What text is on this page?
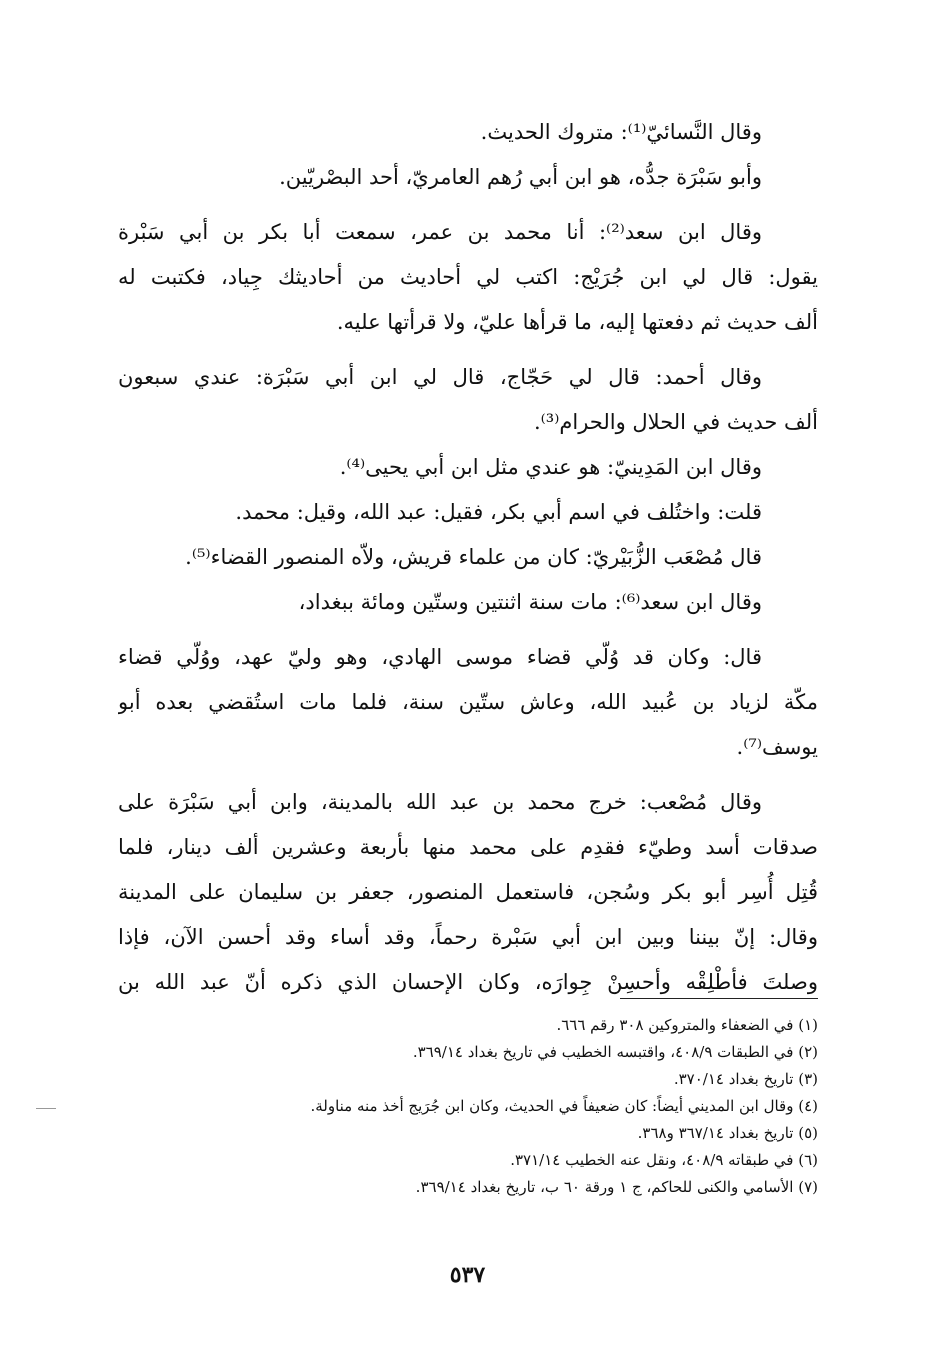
وقال النَّسائيّ⁽¹⁾: متروك الحديث.
وأبو سَبْرَة جدُّه، هو ابن أبي رُهم العامريّ، أحد البصْريّين.
وقال ابن سعد⁽²⁾: أنا محمد بن عمر، سمعت أبا بكر بن أبي سَبْرة
يقول: قال لي ابن جُرَيْج: اكتب لي أحاديث من أحاديثك جِياد، فكتبت له
ألف حديث ثم دفعتها إليه، ما قرأها عليّ، ولا قرأتها عليه.
وقال أحمد: قال لي حَجّاج، قال لي ابن أبي سَبْرَة: عندي سبعون
ألف حديث في الحلال والحرام⁽³⁾.
وقال ابن المَدِينيّ: هو عندي مثل ابن أبي يحيى⁽⁴⁾.
قلت: واختُلف في اسم أبي بكر، فقيل: عبد الله، وقيل: محمد.
قال مُصْعَب الزُّبَيْريّ: كان من علماء قريش، ولاّه المنصور القضاء⁽⁵⁾.
وقال ابن سعد⁽⁶⁾: مات سنة اثنتين وستّين ومائة ببغداد،
قال: وكان قد وُلّي قضاء موسى الهادي، وهو وليّ عهد، ووُلّي قضاء
مكّة لزياد بن عُبيد الله، وعاش ستّين سنة، فلما مات استُقضي بعده أبو
يوسف⁽⁷⁾.
وقال مُصْعب: خرج محمد بن عبد الله بالمدينة، وابن أبي سَبْرَة على
صدقات أسد وطيّء فقدِم على محمد منها بأربعة وعشرين ألف دينار، فلما
قُتِل أُسِر أبو بكر وسُجن، فاستعمل المنصور، جعفر بن سليمان على المدينة
وقال: إنّ بيننا وبين ابن أبي سَبْرة رحماً، وقد أساء وقد أحسن الآن، فإذا
وصلتَ فأطْلِقْه وأحسِنْ جِوارَه، وكان الإحسان الذي ذكره أنّ عبد الله بن
(١) في الضعفاء والمتروكين ٣٠٨ رقم ٦٦٦.
(٢) في الطبقات ٤٠٨/٩، واقتبسه الخطيب في تاريخ بغداد ٣٦٩/١٤.
(٣) تاريخ بغداد ٣٧٠/١٤.
(٤) وقال ابن المديني أيضاً: كان ضعيفاً في الحديث، وكان ابن جُرَيج أخذ منه مناولة.
(٥) تاريخ بغداد ٣٦٧/١٤ و٣٦٨.
(٦) في طبقاته ٤٠٨/٩، ونقل عنه الخطيب ٣٧١/١٤.
(٧) الأسامي والكنى للحاكم، ج ١ ورقة ٦٠ ب، تاريخ بغداد ٣٦٩/١٤.
٥٣٧
